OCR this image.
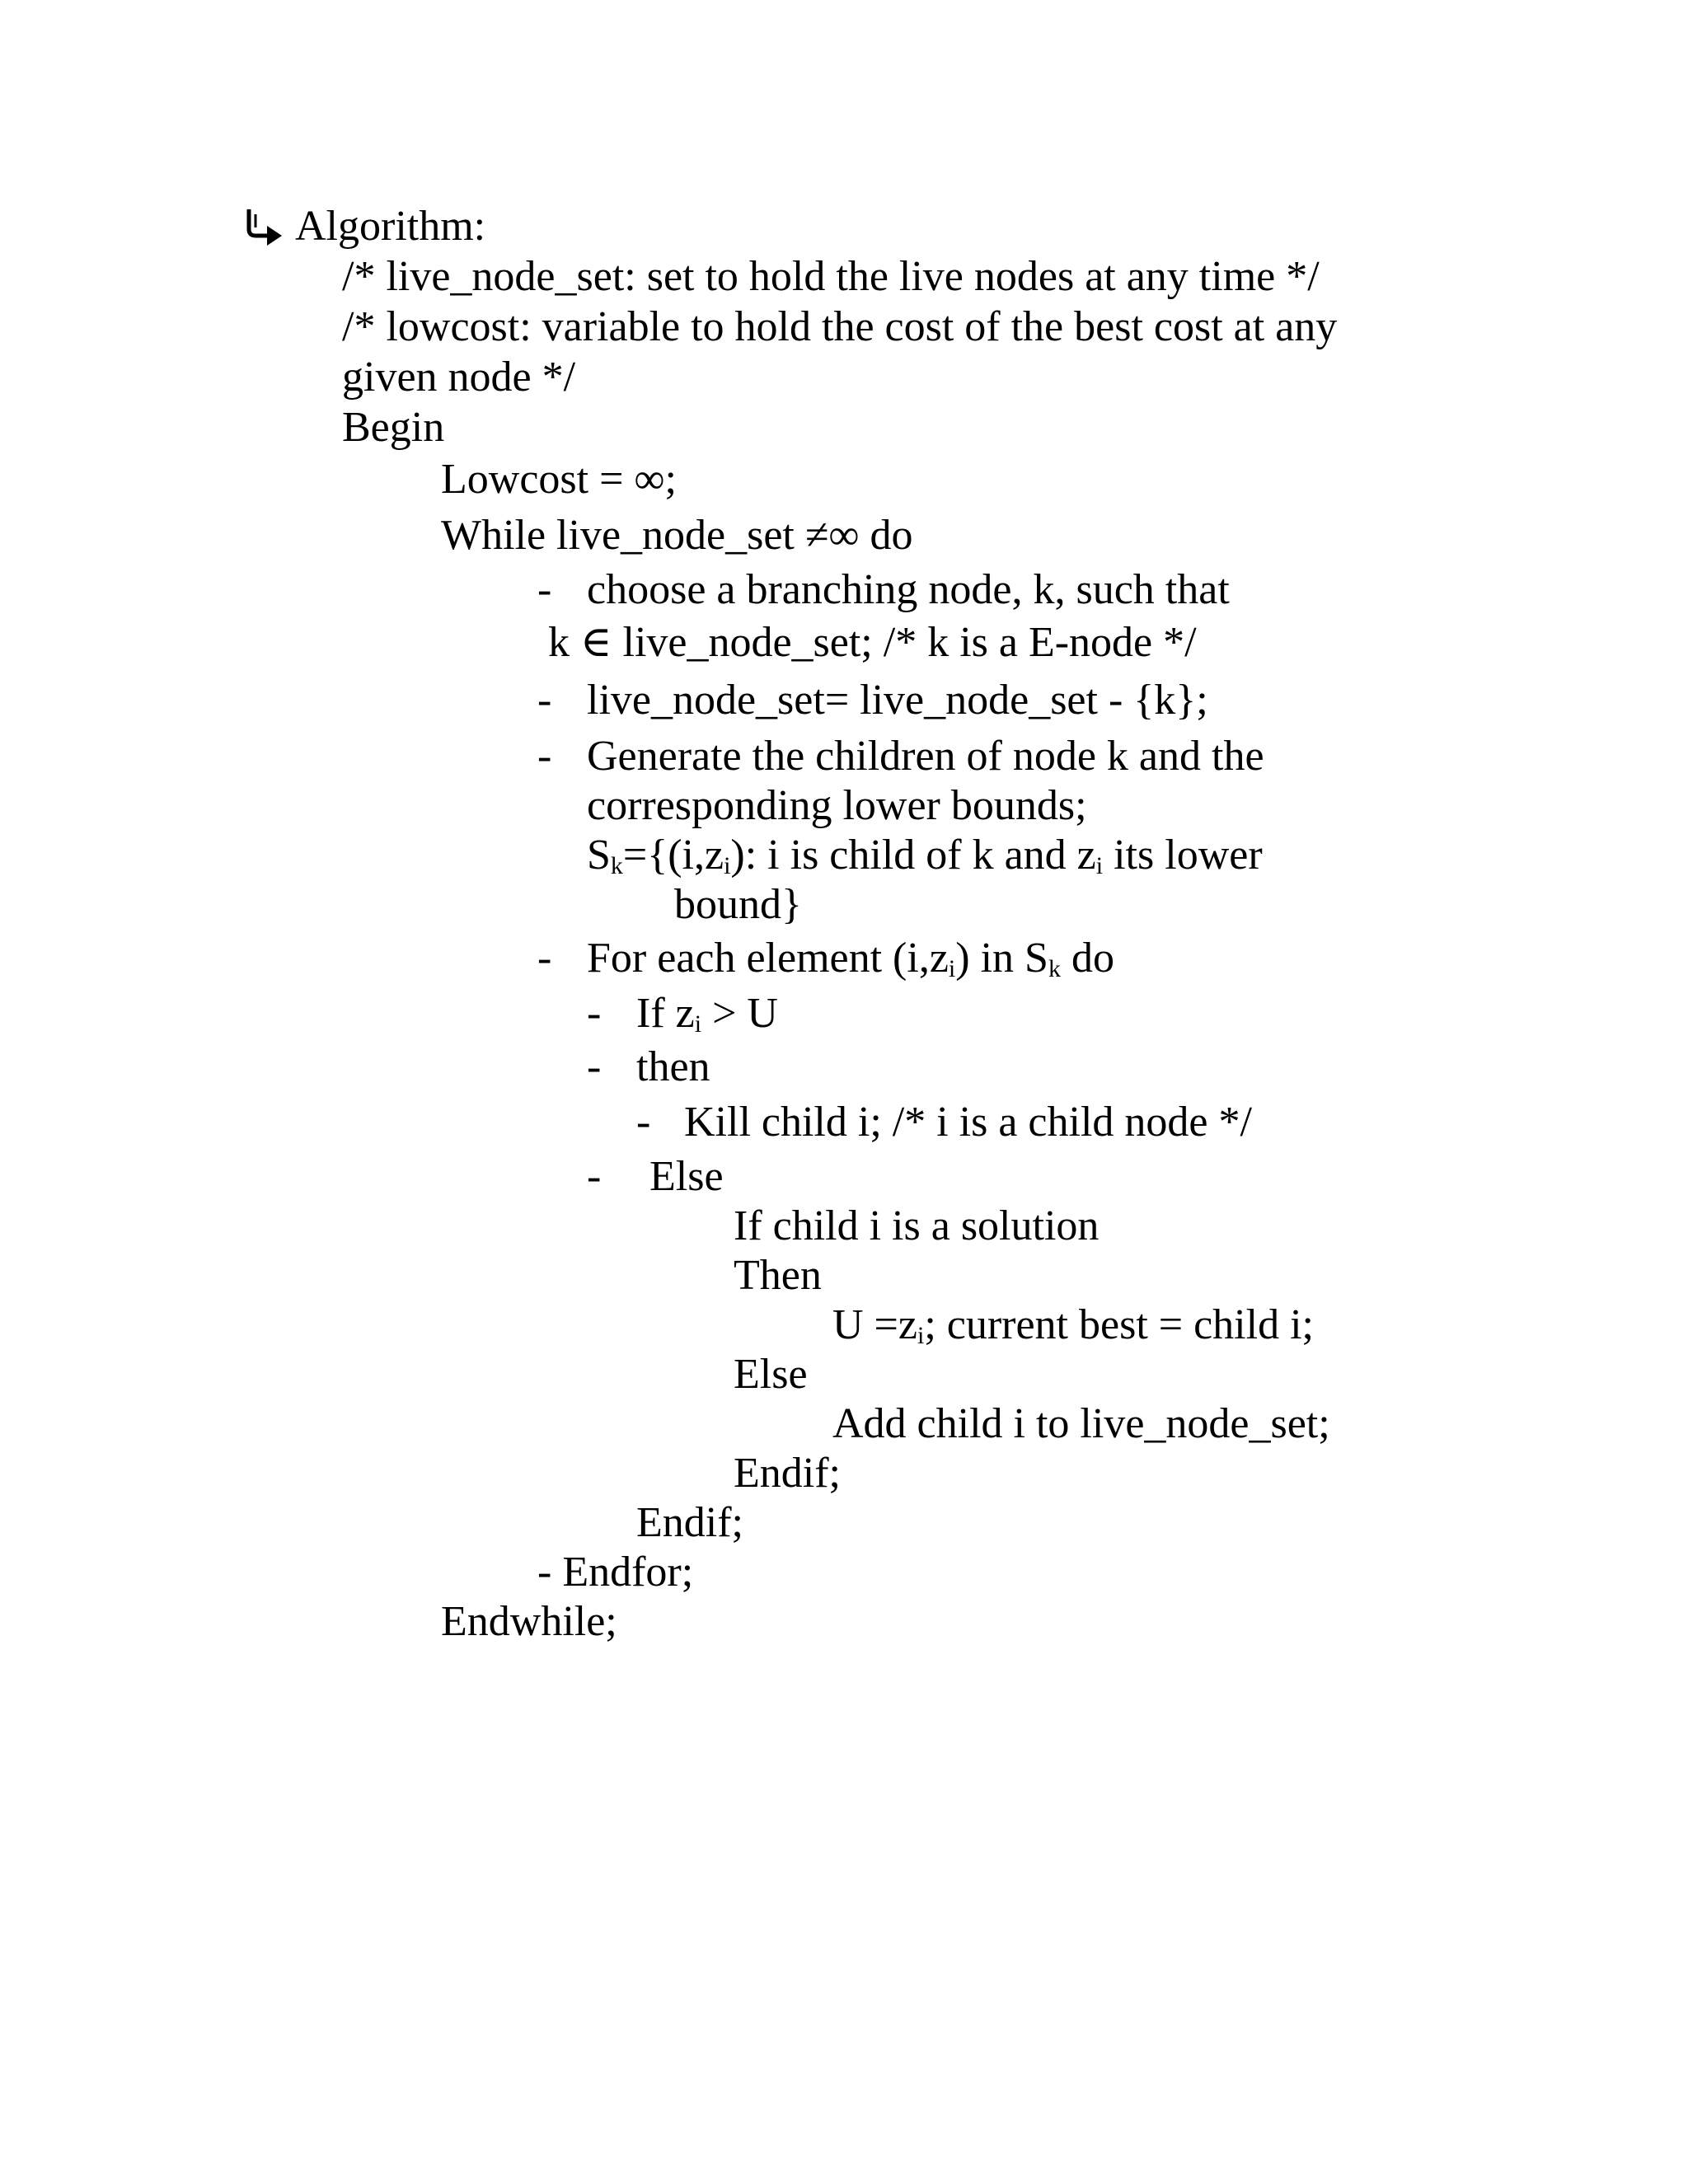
Algorithm:
/* live_node_set: set to hold the live nodes at any time */
/* lowcost: variable to hold the cost of the best cost at any
given node */
Begin
Lowcost = ∞;
While live_node_set ≠∞ do
- choose a branching node, k, such that
k ∈ live_node_set; /* k is a E-node */
- live_node_set= live_node_set - {k};
- Generate the children of node k and the
corresponding lower bounds;
$S_k=\{(i,z_i)$: i is child of k and $z_i$ its lower
bound}
- For each element $(i,z_i)$ in $S_k$ do
- If $z_i > U$
- then
- Kill child i; /* i is a child node */
- Else
If child i is a solution
Then
$U =z_i$; current best = child i;
Else
Add child i to live_node_set;
Endif;
Endif;
- Endfor;
Endwhile;
